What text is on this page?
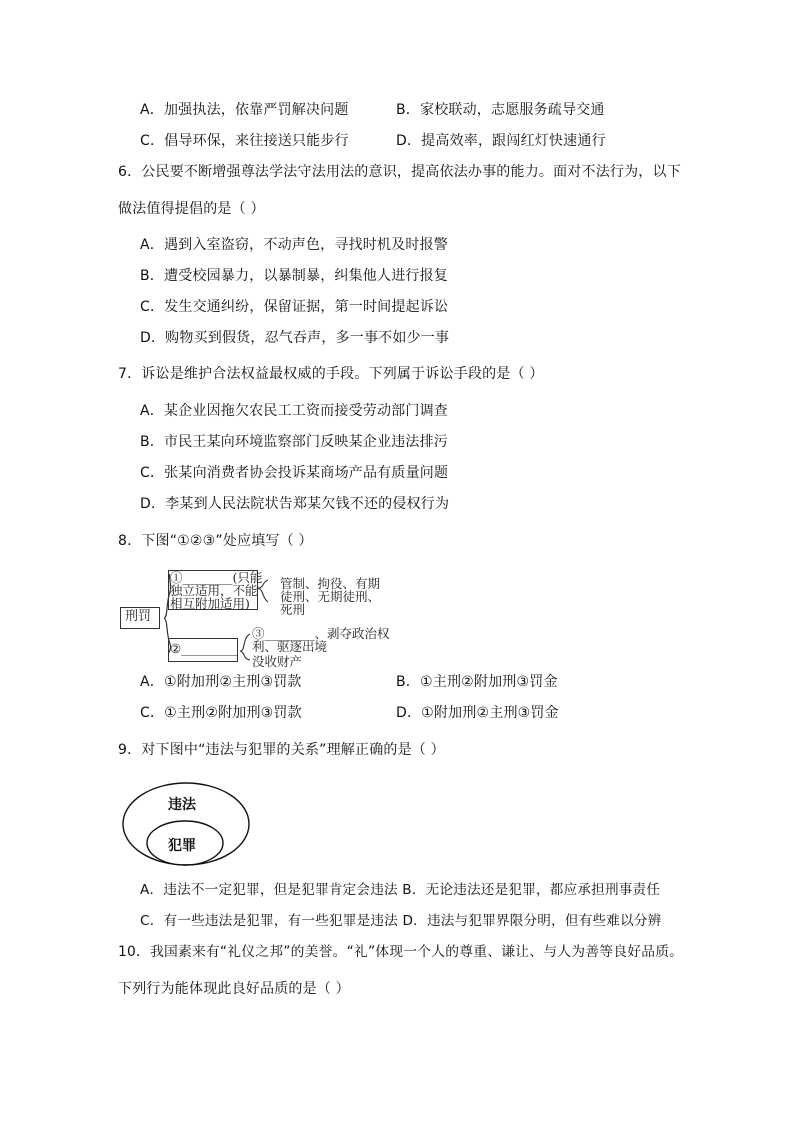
A．加强执法，依靠严罚解决问题	B．家校联动，志愿服务疏导交通
C．倡导环保，来往接送只能步行	D．提高效率，跟闯红灯快速通行
6．公民要不断增强尊法学法守法用法的意识，提高依法办事的能力。面对不法行为，以下
做法值得提倡的是（ ）
A．遇到入室盗窃，不动声色，寻找时机及时报警
B．遭受校园暴力，以暴制暴，纠集他人进行报复
C．发生交通纠纷，保留证据，第一时间提起诉讼
D．购物买到假货，忍气吞声，多一事不如少一事
7．诉讼是维护合法权益最权威的手段。下列属于诉讼手段的是（ ）
A．某企业因拖欠农民工工资而接受劳动部门调查
B．市民王某向环境监察部门反映某企业违法排污
C．张某向消费者协会投诉某商场产品有质量问题
D．李某到人民法院状告郑某欠钱不还的侵权行为
8．下图“①②③”处应填写（ ）
刑罚
①________(只能
独立适用，不能
相互附加适用)
管制、拘役、有期
徒刑、无期徒刑、
死刑
②_________
③________、剥夺政治权
利、驱逐出境
没收财产
A．①附加刑②主刑③罚款	B．①主刑②附加刑③罚金
C．①主刑②附加刑③罚款	D．①附加刑②主刑③罚金
9．对下图中“违法与犯罪的关系”理解正确的是（ ）
违法
犯罪
A．违法不一定犯罪，但是犯罪肯定会违法 B．无论违法还是犯罪，都应承担刑事责任
C．有一些违法是犯罪，有一些犯罪是违法 D．违法与犯罪界限分明，但有些难以分辨
10．我国素来有“礼仪之邦”的美誉。“礼”体现一个人的尊重、谦让、与人为善等良好品质。
下列行为能体现此良好品质的是（ ）
